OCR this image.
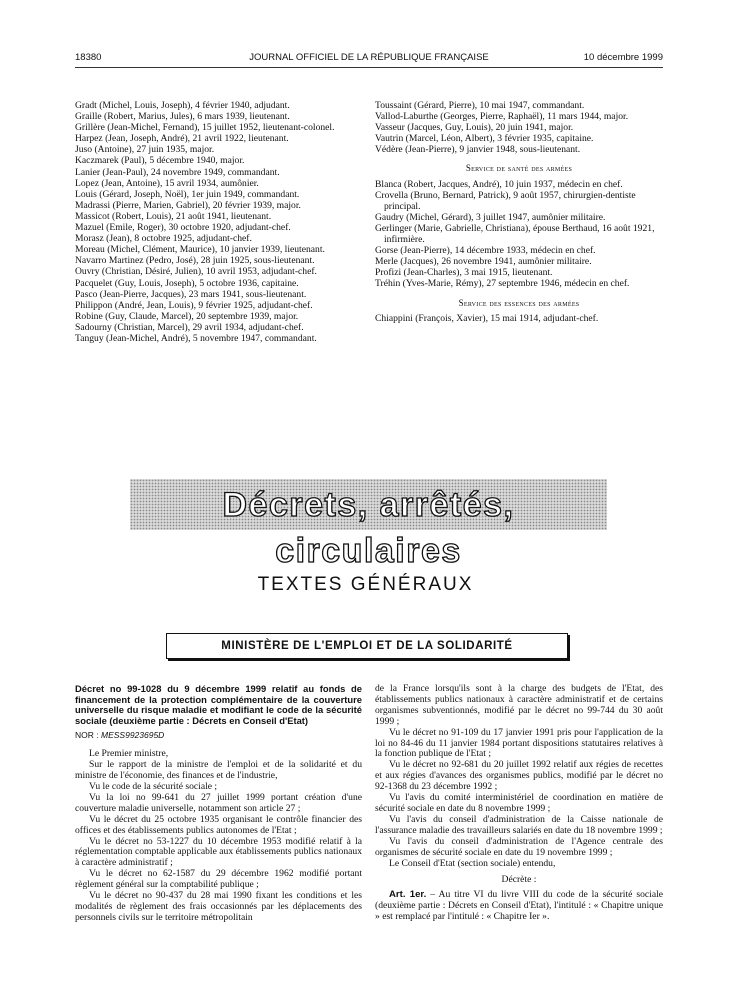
18380	JOURNAL OFFICIEL DE LA RÉPUBLIQUE FRANÇAISE	10 décembre 1999

Gradt (Michel, Louis, Joseph), 4 février 1940, adjudant.

Graille (Robert, Marius, Jules), 6 mars 1939, lieutenant.

Grillère (Jean-Michel, Fernand), 15 juillet 1952, lieutenant-colonel.

Harpez (Jean, Joseph, André), 21 avril 1922, lieutenant.

Juso (Antoine), 27 juin 1935, major.

Kaczmarek (Paul), 5 décembre 1940, major.

Lanier (Jean-Paul), 24 novembre 1949, commandant.

Lopez (Jean, Antoine), 15 avril 1934, aumônier.

Louis (Gérard, Joseph, Noël), 1er juin 1949, commandant.

Madrassi (Pierre, Marien, Gabriel), 20 février 1939, major.

Massicot (Robert, Louis), 21 août 1941, lieutenant.

Mazuel (Emile, Roger), 30 octobre 1920, adjudant-chef.

Morasz (Jean), 8 octobre 1925, adjudant-chef.

Moreau (Michel, Clément, Maurice), 10 janvier 1939, lieutenant.

Navarro Martinez (Pedro, José), 28 juin 1925, sous-lieutenant.

Ouvry (Christian, Désiré, Julien), 10 avril 1953, adjudant-chef.

Pacquelet (Guy, Louis, Joseph), 5 octobre 1936, capitaine.

Pasco (Jean-Pierre, Jacques), 23 mars 1941, sous-lieutenant.

Philippon (André, Jean, Louis), 9 février 1925, adjudant-chef.

Robine (Guy, Claude, Marcel), 20 septembre 1939, major.

Sadourny (Christian, Marcel), 29 avril 1934, adjudant-chef.

Tanguy (Jean-Michel, André), 5 novembre 1947, commandant.

Toussaint (Gérard, Pierre), 10 mai 1947, commandant.

Vallod-Laburthe (Georges, Pierre, Raphaël), 11 mars 1944, major.

Vasseur (Jacques, Guy, Louis), 20 juin 1941, major.

Vautrin (Marcel, Léon, Albert), 3 février 1935, capitaine.

Védère (Jean-Pierre), 9 janvier 1948, sous-lieutenant.

Service de santé des armées

Blanca (Robert, Jacques, André), 10 juin 1937, médecin en chef.

Crovella (Bruno, Bernard, Patrick), 9 août 1957, chirurgien-dentiste principal.

Gaudry (Michel, Gérard), 3 juillet 1947, aumônier militaire.

Gerlinger (Marie, Gabrielle, Christiana), épouse Berthaud, 16 août 1921, infirmière.

Gorse (Jean-Pierre), 14 décembre 1933, médecin en chef.

Merle (Jacques), 26 novembre 1941, aumônier militaire.

Profizi (Jean-Charles), 3 mai 1915, lieutenant.

Tréhin (Yves-Marie, Rémy), 27 septembre 1946, médecin en chef.

Service des essences des armées

Chiappini (François, Xavier), 15 mai 1914, adjudant-chef.

Décrets, arrêtés, circulaires
TEXTES GÉNÉRAUX
MINISTÈRE DE L'EMPLOI ET DE LA SOLIDARITÉ

Décret no 99-1028 du 9 décembre 1999 relatif au fonds de financement de la protection complémentaire de la couverture universelle du risque maladie et modifiant le code de la sécurité sociale (deuxième partie : Décrets en Conseil d'Etat)

NOR : MESS9923695D

Le Premier ministre,

Sur le rapport de la ministre de l'emploi et de la solidarité et du ministre de l'économie, des finances et de l'industrie,

Vu le code de la sécurité sociale ;

Vu la loi no 99-641 du 27 juillet 1999 portant création d'une couverture maladie universelle, notamment son article 27 ;

Vu le décret du 25 octobre 1935 organisant le contrôle financier des offices et des établissements publics autonomes de l'Etat ;

Vu le décret no 53-1227 du 10 décembre 1953 modifié relatif à la réglementation comptable applicable aux établissements publics nationaux à caractère administratif ;

Vu le décret no 62-1587 du 29 décembre 1962 modifié portant règlement général sur la comptabilité publique ;

Vu le décret no 90-437 du 28 mai 1990 fixant les conditions et les modalités de règlement des frais occasionnés par les déplacements des personnels civils sur le territoire métropolitain

de la France lorsqu'ils sont à la charge des budgets de l'Etat, des établissements publics nationaux à caractère administratif et de certains organismes subventionnés, modifié par le décret no 99-744 du 30 août 1999 ;

Vu le décret no 91-109 du 17 janvier 1991 pris pour l'application de la loi no 84-46 du 11 janvier 1984 portant dispositions statutaires relatives à la fonction publique de l'Etat ;

Vu le décret no 92-681 du 20 juillet 1992 relatif aux régies de recettes et aux régies d'avances des organismes publics, modifié par le décret no 92-1368 du 23 décembre 1992 ;

Vu l'avis du comité interministériel de coordination en matière de sécurité sociale en date du 8 novembre 1999 ;

Vu l'avis du conseil d'administration de la Caisse nationale de l'assurance maladie des travailleurs salariés en date du 18 novembre 1999 ;

Vu l'avis du conseil d'administration de l'Agence centrale des organismes de sécurité sociale en date du 19 novembre 1999 ;

Le Conseil d'Etat (section sociale) entendu,

Décrète :

Art. 1er. – Au titre VI du livre VIII du code de la sécurité sociale (deuxième partie : Décrets en Conseil d'Etat), l'intitulé : « Chapitre unique » est remplacé par l'intitulé : « Chapitre Ier ».
